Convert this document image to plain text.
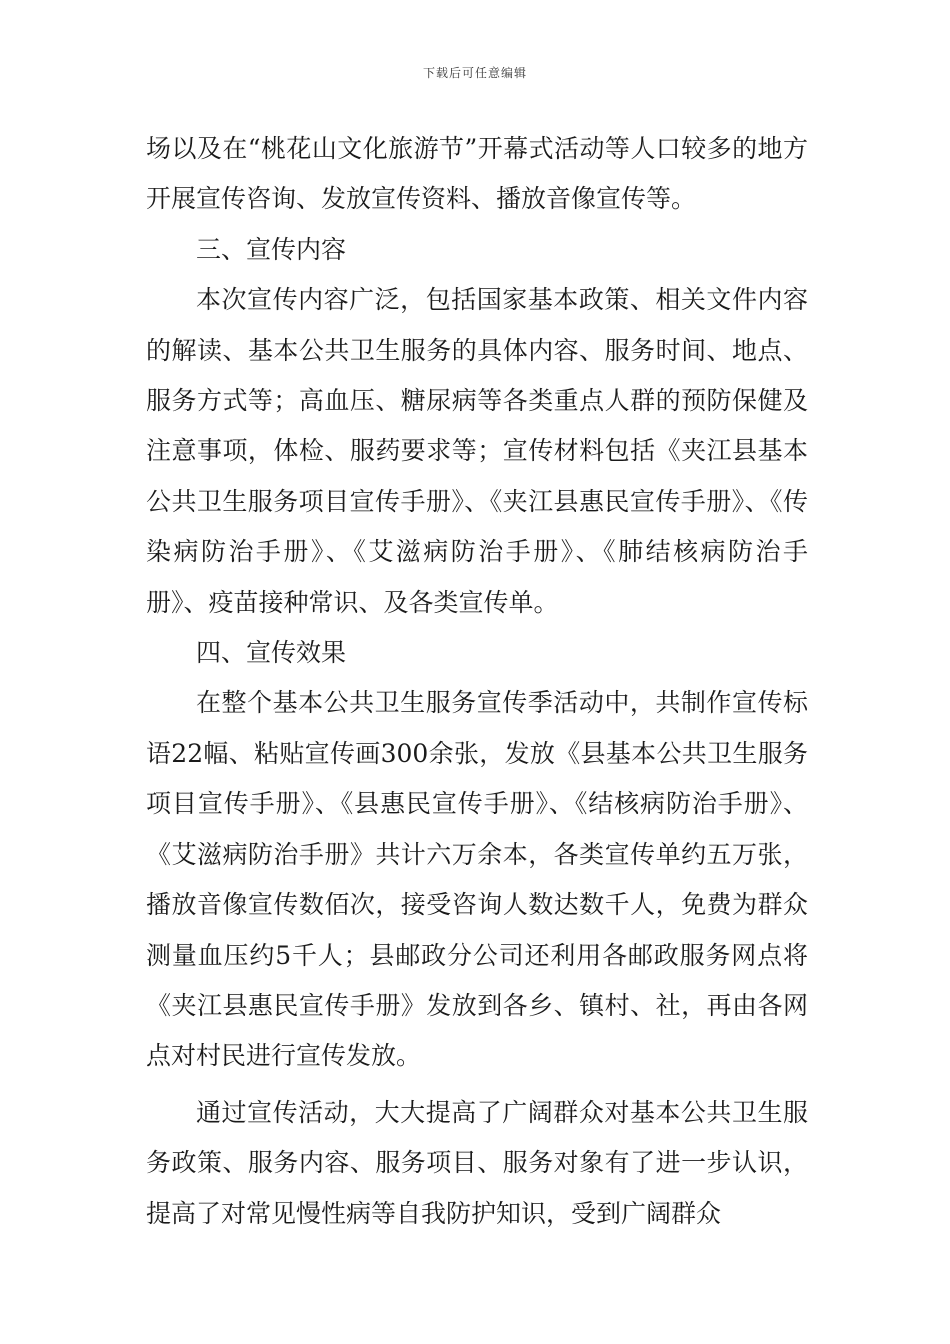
下载后可任意编辑

场以及在“桃花山文化旅游节”开幕式活动等人口较多的地方开展宣传咨询、发放宣传资料、播放音像宣传等。

三、宣传内容

本次宣传内容广泛，包括国家基本政策、相关文件内容的解读、基本公共卫生服务的具体内容、服务时间、地点、服务方式等；高血压、糖尿病等各类重点人群的预防保健及注意事项，体检、服药要求等；宣传材料包括《夹江县基本公共卫生服务项目宣传手册》、《夹江县惠民宣传手册》、《传染病防治手册》、《艾滋病防治手册》、《肺结核病防治手册》、疫苗接种常识、及各类宣传单。

四、宣传效果

在整个基本公共卫生服务宣传季活动中，共制作宣传标语22幅、粘贴宣传画300余张，发放《县基本公共卫生服务项目宣传手册》、《县惠民宣传手册》、《结核病防治手册》、《艾滋病防治手册》共计六万余本，各类宣传单约五万张，播放音像宣传数佰次，接受咨询人数达数千人，免费为群众测量血压约5千人；县邮政分公司还利用各邮政服务网点将《夹江县惠民宣传手册》发放到各乡、镇村、社，再由各网点对村民进行宣传发放。

通过宣传活动，大大提高了广阔群众对基本公共卫生服务政策、服务内容、服务项目、服务对象有了进一步认识，提高了对常见慢性病等自我防护知识，受到广阔群众
